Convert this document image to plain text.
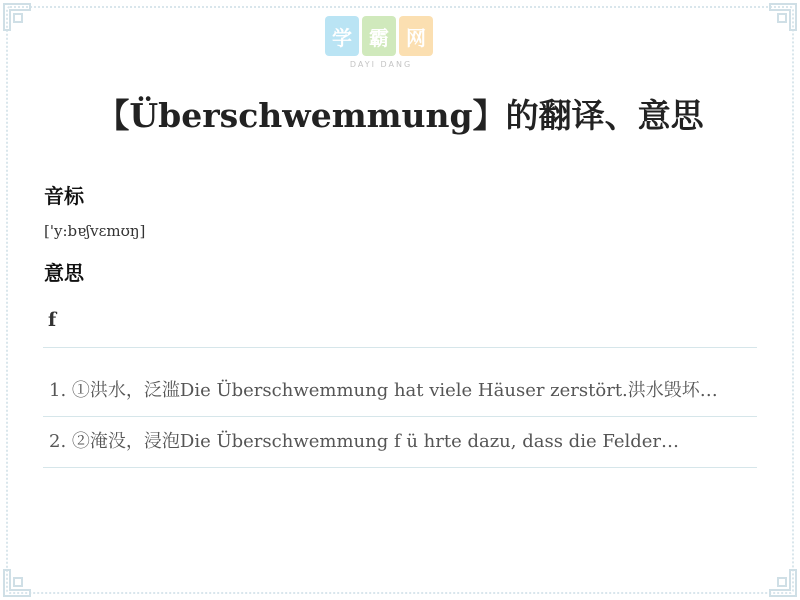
学 霸 网
DAYI DANG
【Überschwemmung】的翻译、意思
音标
['y:bɐʃvɛmʊŋ]
意思
f
1. ①洪水，泛滥Die Überschwemmung hat viele Häuser zerstört.洪水毁坏…
2. ②淹没，浸泡Die Überschwemmung f ü hrte dazu, dass die Felder…
